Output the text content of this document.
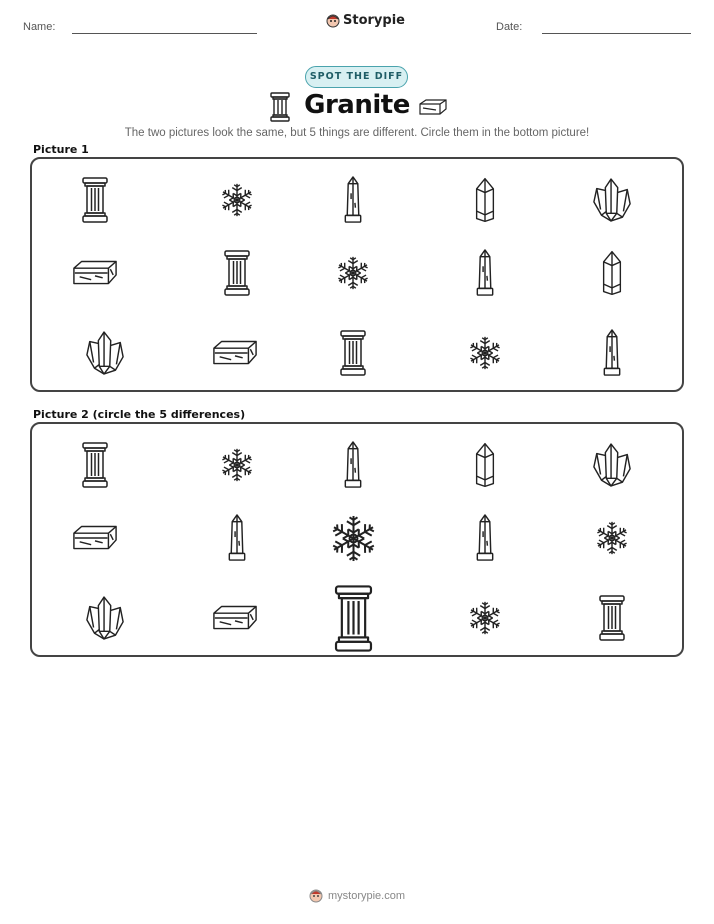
Name:	Storypie	Date:
SPOT THE DIFF
Granite
The two pictures look the same, but 5 things are different. Circle them in the bottom picture!
Picture 1
Picture 2 (circle the 5 differences)
mystorypie.com
